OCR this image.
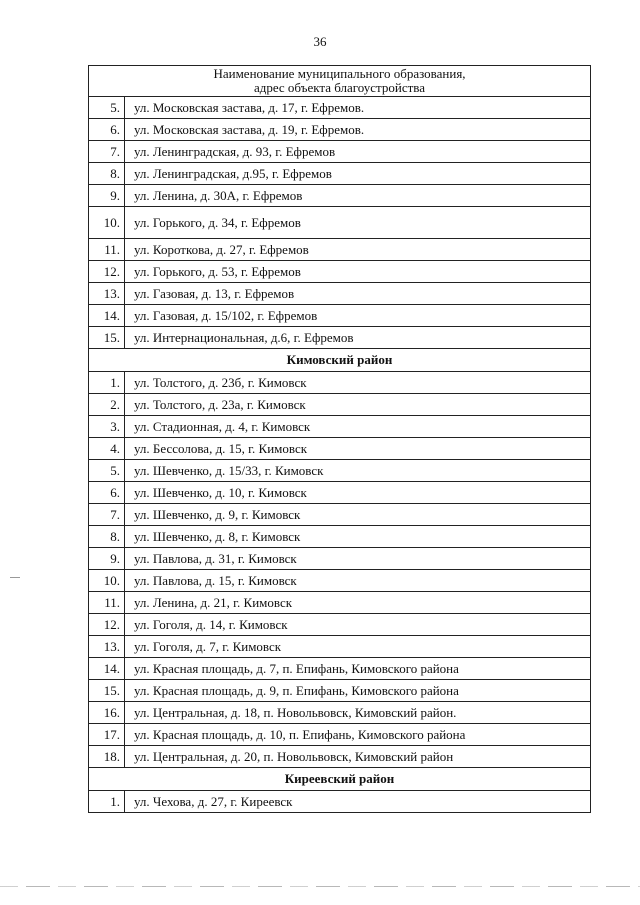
36
Наименование муниципального образования,
адрес объекта благоустройства	
5.	ул. Московская застава, д. 17, г. Ефремов.
6.	ул. Московская застава, д. 19, г. Ефремов.
7.	ул. Ленинградская, д. 93, г. Ефремов
8.	ул. Ленинградская, д.95, г. Ефремов
9.	ул. Ленина, д. 30А, г. Ефремов
10.	ул. Горького, д. 34, г. Ефремов
11.	ул. Короткова, д. 27, г. Ефремов
12.	ул. Горького, д. 53, г. Ефремов
13.	ул. Газовая, д. 13, г. Ефремов
14.	ул. Газовая, д. 15/102, г. Ефремов
15.	ул. Интернациональная, д.6, г. Ефремов
Кимовский район	
1.	ул. Толстого, д. 23б, г. Кимовск
2.	ул. Толстого, д. 23а, г. Кимовск
3.	ул. Стадионная, д. 4, г. Кимовск
4.	ул. Бессолова, д. 15, г. Кимовск
5.	ул. Шевченко, д. 15/33, г. Кимовск
6.	ул. Шевченко, д. 10, г. Кимовск
7.	ул. Шевченко, д. 9, г. Кимовск
8.	ул. Шевченко, д. 8, г. Кимовск
9.	ул. Павлова, д. 31, г. Кимовск
10.	ул. Павлова, д. 15, г. Кимовск
11.	ул. Ленина, д. 21, г. Кимовск
12.	ул. Гоголя, д. 14, г. Кимовск
13.	ул. Гоголя, д. 7, г. Кимовск
14.	ул. Красная площадь, д. 7, п. Епифань, Кимовского района
15.	ул. Красная площадь, д. 9, п. Епифань, Кимовского района
16.	ул. Центральная, д. 18, п. Новольвовск, Кимовский район.
17.	ул. Красная площадь, д. 10, п. Епифань, Кимовского района
18.	ул. Центральная, д. 20, п. Новольвовск, Кимовский район
Киреевский район	
1.	ул. Чехова, д. 27, г. Киреевск
